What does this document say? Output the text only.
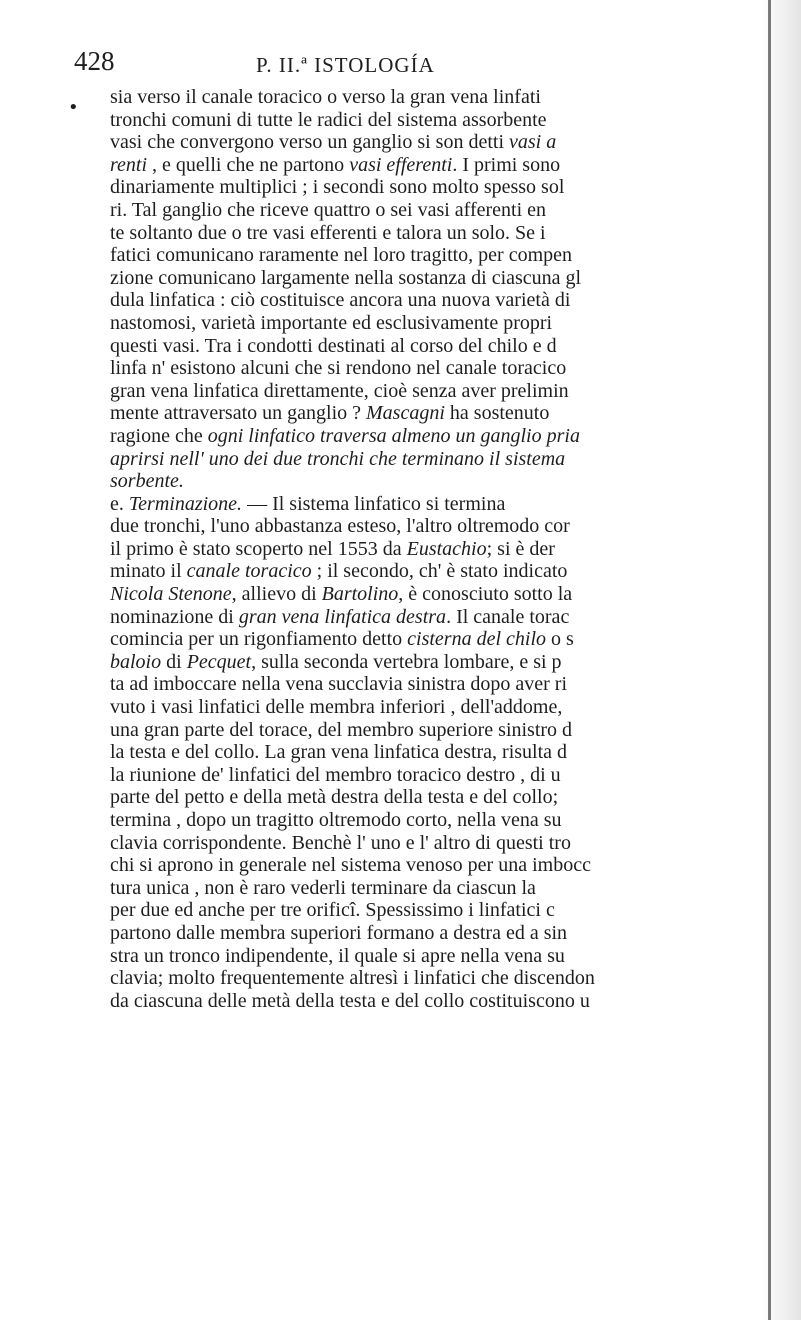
428	P. II.ª ISTOLOGÍA
• sia verso il canale toracico o verso la gran vena linfati
tronchi comuni di tutte le radici del sistema assorbente
vasi che convergono verso un ganglio si son detti vasi a
renti , e quelli che ne partono vasi efferenti. I primi sono
dinariamente multiplici ; i secondi sono molto spesso sol
ri. Tal ganglio che riceve quattro o sei vasi afferenti en
te soltanto due o tre vasi efferenti e talora un solo. Se i
fatici comunicano raramente nel loro tragitto, per compen
zione comunicano largamente nella sostanza di ciascuna gl
dula linfatica : ciò costituisce ancora una nuova varietà di
nastomosi, varietà importante ed esclusivamente propri
questi vasi. Tra i condotti destinati al corso del chilo e d
linfa n' esistono alcuni che si rendono nel canale toracico
gran vena linfatica direttamente, cioè senza aver prelimin
mente attraversato un ganglio ? Mascagni ha sostenuto
ragione che ogni linfatico traversa almeno un ganglio pria
aprirsi nell' uno dei due tronchi che terminano il sistema
sorbente.
e. Terminazione. — Il sistema linfatico si termina
due tronchi, l'uno abbastanza esteso, l'altro oltremodo cor
il primo è stato scoperto nel 1553 da Eustachio; si è der
minato il canale toracico ; il secondo, ch' è stato indicato
Nicola Stenone, allievo di Bartolino, è conosciuto sotto la
nominazione di gran vena linfatica destra. Il canale torac
comincia per un rigonfiamento detto cisterna del chilo o s
baloio di Pecquet, sulla seconda vertebra lombare, e si p
ta ad imboccare nella vena succlavia sinistra dopo aver ri
vuto i vasi linfatici delle membra inferiori , dell'addome,
una gran parte del torace, del membro superiore sinistro d
la testa e del collo. La gran vena linfatica destra, risulta d
la riunione de' linfatici del membro toracico destro , di u
parte del petto e della metà destra della testa e del collo;
termina , dopo un tragitto oltremodo corto, nella vena su
clavia corrispondente. Benchè l' uno e l' altro di questi tro
chi si aprono in generale nel sistema venoso per una imbocc
tura unica , non è raro vederli terminare da ciascun la
per due ed anche per tre orificî. Spessissimo i linfatici c
partono dalle membra superiori formano a destra ed a sin
stra un tronco indipendente, il quale si apre nella vena su
clavia; molto frequentemente altresì i linfatici che discendon
da ciascuna delle metà della testa e del collo costituiscono u
